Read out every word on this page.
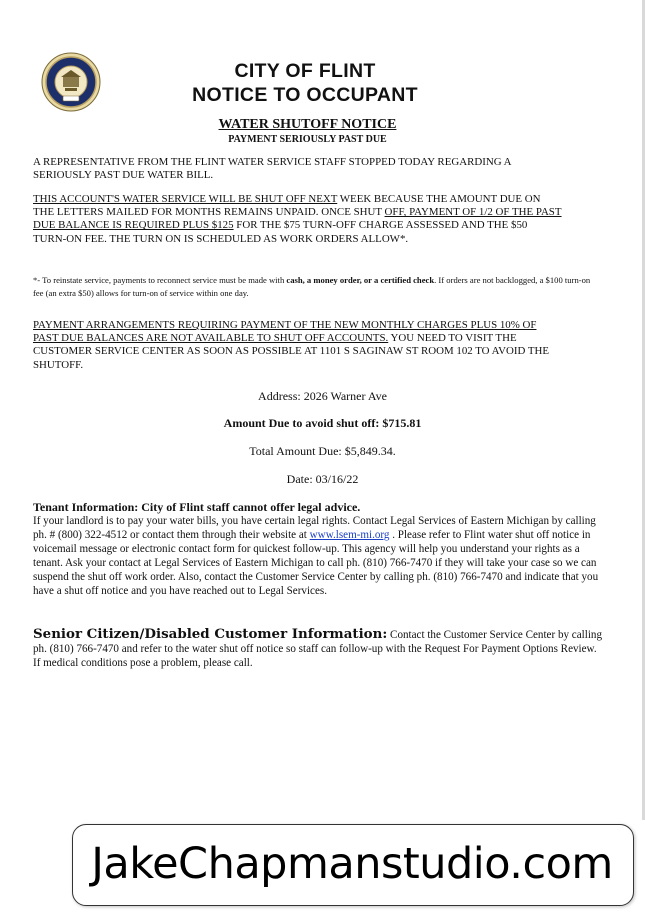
CITY OF FLINT
NOTICE TO OCCUPANT
WATER SHUTOFF NOTICE
PAYMENT SERIOUSLY PAST DUE
A REPRESENTATIVE FROM THE FLINT WATER SERVICE STAFF STOPPED TODAY REGARDING A SERIOUSLY PAST DUE WATER BILL.
THIS ACCOUNT'S WATER SERVICE WILL BE SHUT OFF NEXT WEEK BECAUSE THE AMOUNT DUE ON THE LETTERS MAILED FOR MONTHS REMAINS UNPAID. ONCE SHUT OFF, PAYMENT OF 1/2 OF THE PAST DUE BALANCE IS REQUIRED PLUS $125 FOR THE $75 TURN-OFF CHARGE ASSESSED AND THE $50 TURN-ON FEE. THE TURN ON IS SCHEDULED AS WORK ORDERS ALLOW*.
*- To reinstate service, payments to reconnect service must be made with cash, a money order, or a certified check. If orders are not backlogged, a $100 turn-on fee (an extra $50) allows for turn-on of service within one day.
PAYMENT ARRANGEMENTS REQUIRING PAYMENT OF THE NEW MONTHLY CHARGES PLUS 10% OF PAST DUE BALANCES ARE NOT AVAILABLE TO SHUT OFF ACCOUNTS. YOU NEED TO VISIT THE CUSTOMER SERVICE CENTER AS SOON AS POSSIBLE AT 1101 S SAGINAW ST ROOM 102 TO AVOID THE SHUTOFF.
Address: 2026 Warner Ave
Amount Due to avoid shut off: $715.81
Total Amount Due: $5,849.34.
Date: 03/16/22
Tenant Information: City of Flint staff cannot offer legal advice.
If your landlord is to pay your water bills, you have certain legal rights. Contact Legal Services of Eastern Michigan by calling ph. # (800) 322-4512 or contact them through their website at www.lsem-mi.org . Please refer to Flint water shut off notice in voicemail message or electronic contact form for quickest follow-up. This agency will help you understand your rights as a tenant. Ask your contact at Legal Services of Eastern Michigan to call ph. (810) 766-7470 if they will take your case so we can suspend the shut off work order. Also, contact the Customer Service Center by calling ph. (810) 766-7470 and indicate that you have a shut off notice and you have reached out to Legal Services.
Senior Citizen/Disabled Customer Information: Contact the Customer Service Center by calling ph. (810) 766-7470 and refer to the water shut off notice so staff can follow-up with the Request For Payment Options Review. If medical conditions pose a problem, please call.
JakeChapmanstudio.com
